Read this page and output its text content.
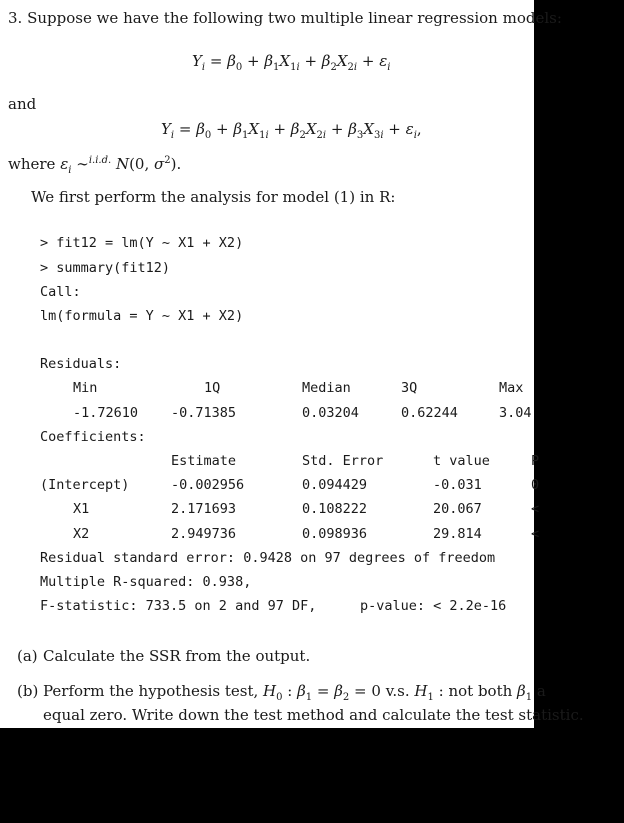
3. Suppose we have the following two multiple linear regression models:
$Y_i = \beta_0 + \beta_1X_{1i} + \beta_2X_{2i} + \varepsilon_i$
and
$Y_i = \beta_0 + \beta_1X_{1i} + \beta_2X_{2i} + \beta_3X_{3i} + \varepsilon_i$,
where $\varepsilon_i$ ∼$^{i.i.d.}$ N(0, $\sigma^2$).
We first perform the analysis for model (1) in R:
> fit12 = lm(Y ~ X1 + X2)
> summary(fit12)
Call:
lm(formula = Y ~ X1 + X2)
Residuals:
Min	1Q	Median	3Q	Max
-1.72610 -0.71385	0.03204	0.62244	3.04
Coefficients:
Estimate	Std. Error	t value	P
(Intercept)	-0.002956	0.094429	-0.031	0
X1	2.171693	0.108222	20.067	<
X2	2.949736	0.098936	29.814	<
Residual standard error: 0.9428 on 97 degrees of freedom
Multiple R-squared: 0.938,
F-statistic: 733.5 on 2 and 97 DF,	p-value: < 2.2e-16
(a) Calculate the SSR from the output.
(b) Perform the hypothesis test, $H_0$ : $\beta_1 = \beta_2 = 0$ v.s. $H_1$ : not both $\beta_1$ a
equal zero. Write down the test method and calculate the test statistic.
